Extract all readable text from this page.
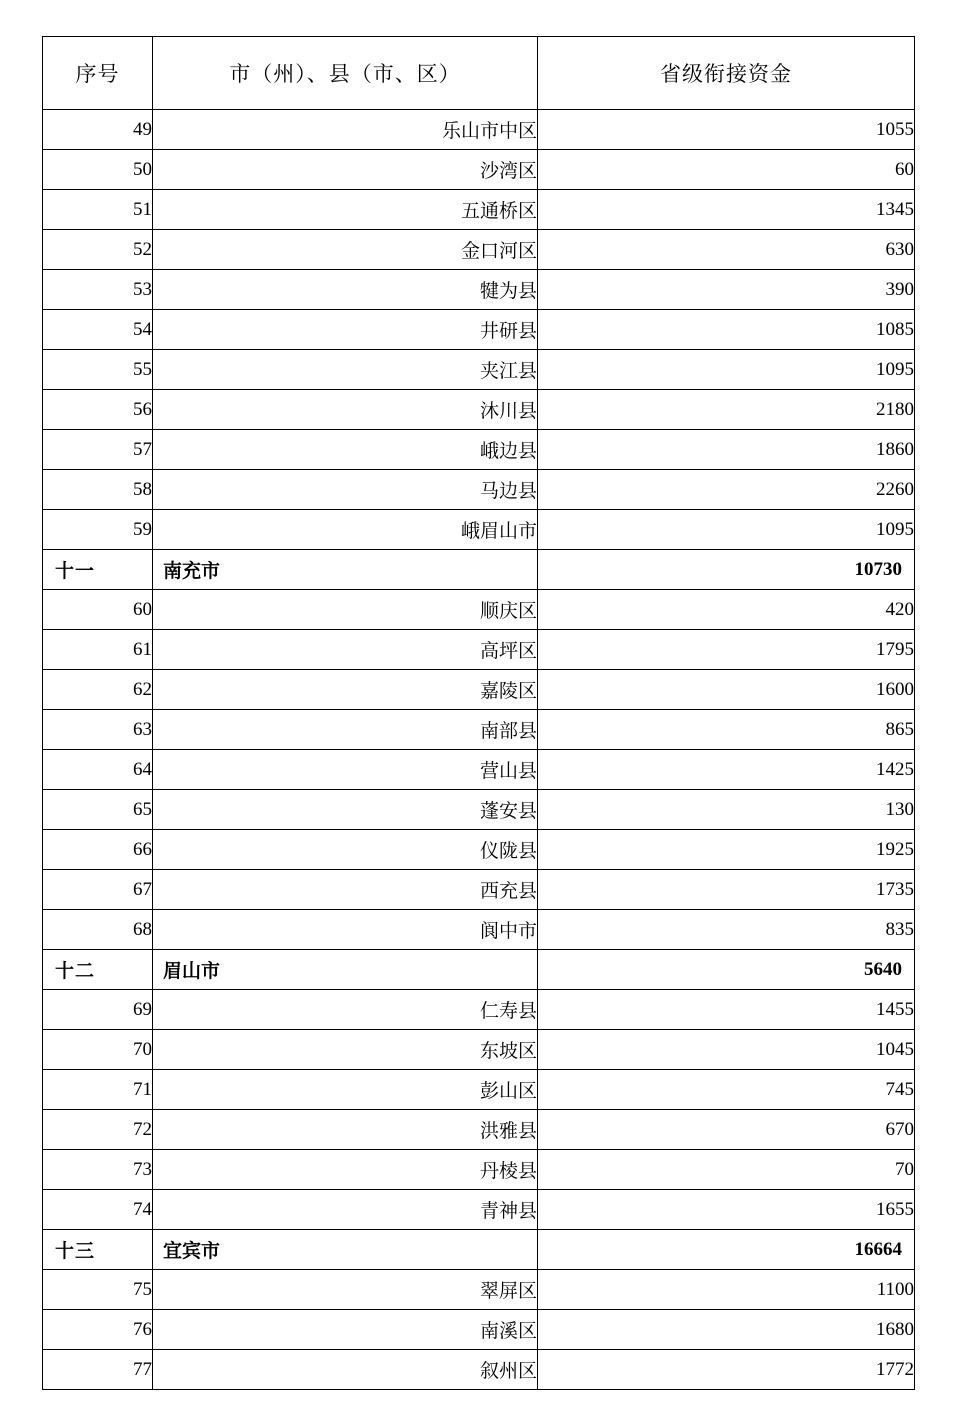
序号	市（州）、县（市、区）	省级衔接资金
49	乐山市中区	1055
50	沙湾区	60
51	五通桥区	1345
52	金口河区	630
53	犍为县	390
54	井研县	1085
55	夹江县	1095
56	沐川县	2180
57	峨边县	1860
58	马边县	2260
59	峨眉山市	1095
十一	南充市	10730
60	顺庆区	420
61	高坪区	1795
62	嘉陵区	1600
63	南部县	865
64	营山县	1425
65	蓬安县	130
66	仪陇县	1925
67	西充县	1735
68	阆中市	835
十二	眉山市	5640
69	仁寿县	1455
70	东坡区	1045
71	彭山区	745
72	洪雅县	670
73	丹棱县	70
74	青神县	1655
十三	宜宾市	16664
75	翠屏区	1100
76	南溪区	1680
77	叙州区	1772
